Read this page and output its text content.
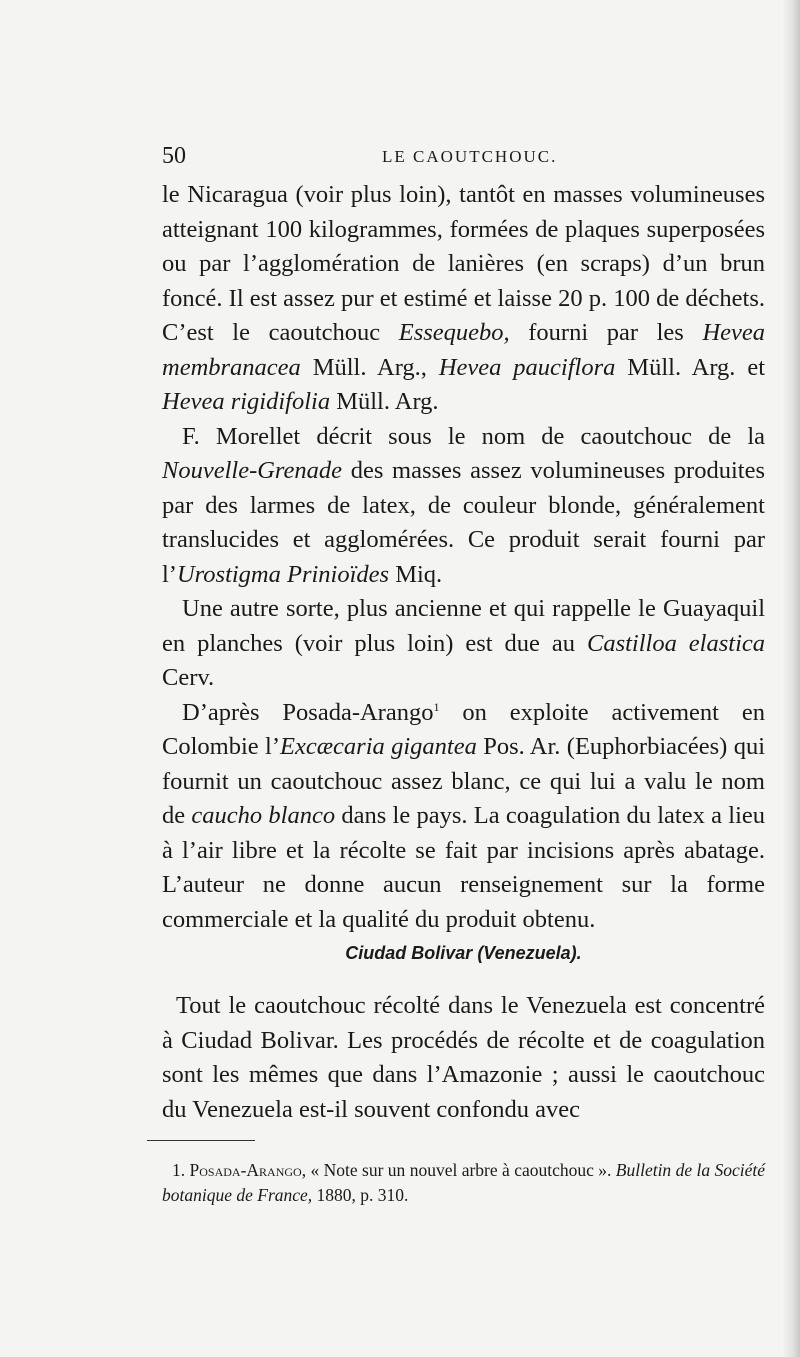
50	LE CAOUTCHOUC.

le Nicaragua (voir plus loin), tantôt en masses volumineuses atteignant 100 kilogrammes, formées de plaques superposées ou par l’agglomération de lanières (en scraps) d’un brun foncé. Il est assez pur et estimé et laisse 20 p. 100 de déchets. C’est le caoutchouc Essequebo, fourni par les Hevea membranacea Müll. Arg., Hevea pauciflora Müll. Arg. et Hevea rigidifolia Müll. Arg.

F. Morellet décrit sous le nom de caoutchouc de la Nouvelle-Grenade des masses assez volumineuses produites par des larmes de latex, de couleur blonde, généralement translucides et agglomérées. Ce produit serait fourni par l’Urostigma Prinioïdes Miq.

Une autre sorte, plus ancienne et qui rappelle le Guayaquil en planches (voir plus loin) est due au Castilloa elastica Cerv.

D’après Posada-Arango$^1$ on exploite activement en Colombie l’Excæcaria gigantea Pos. Ar. (Euphorbiacées) qui fournit un caoutchouc assez blanc, ce qui lui a valu le nom de caucho blanco dans le pays. La coagulation du latex a lieu à l’air libre et la récolte se fait par incisions après abatage. L’auteur ne donne aucun renseignement sur la forme commerciale et la qualité du produit obtenu.

Ciudad Bolivar (Venezuela).

Tout le caoutchouc récolté dans le Venezuela est concentré à Ciudad Bolivar. Les procédés de récolte et de coagulation sont les mêmes que dans l’Amazonie ; aussi le caoutchouc du Venezuela est-il souvent confondu avec

1. Posada-Arango, « Note sur un nouvel arbre à caoutchouc ». Bulletin de la Société botanique de France, 1880, p. 310.
